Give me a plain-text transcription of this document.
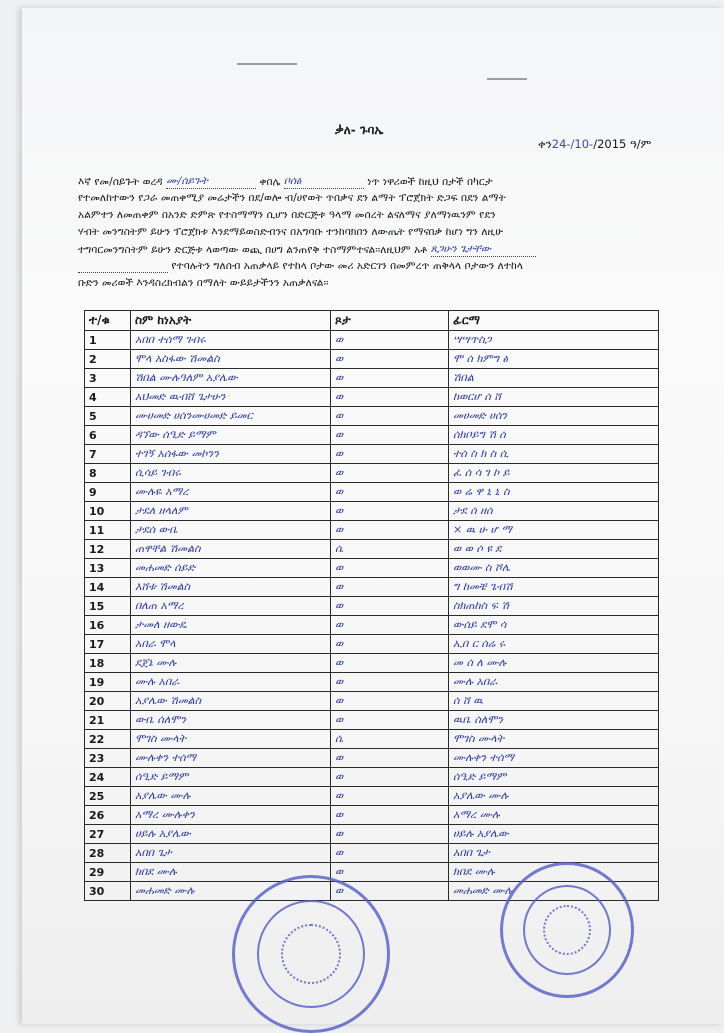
ቃለ- ጉባኤ
ቀን24-/10-/2015 ዓ/ም
እኛ የመ/ሰይጉት ወረዳ ሙ/ሰይጉት	ቀበሌ ቦሰፅ	ነጥ ነዋሪወች ከዚህ በታች በካርታ
የተመለከተውን የጋራ መጠቀሚያ መሬታችን በደ/ወሎ ብ/ሀየወት ጥበቃና ደን ልማት ፕሮጀክት ድጋፍ በደን ልማት
አልምተን ለመጠቀም በአንድ ድምጽ የተስማማን ሲሆን በድርጅቱ ዓላማ መሰረት ልናለማና ያለማነዉንም የደን
ሃብት መንግስትም ይሁን ፕሮጀክቱ እንደማይወስድብንና በአግባቡ ተንከባክበን ለውጤት የማናበቃ ከሆነ ግን ለዚሁ
ተግባርመንግስትም ይሁን ድርጅቱ ላወጣው ወጪ በሀግ ልንጠየቅ ተስማምተናል፡፡ለዚህም አቶ ጸጋሁን ጌታቸው
የተባሉትን ግለሰብ አጠቃላይ የተከላ ቦታው መሪ አድርገን በመምረጥ ጠቅላላ ቦታውን ለተከላ
ቡድን መሪወች እንዳስረክብልን በማለት ውይይታችንን አጠቃለናል፡፡
ተ/ቁ	ስም ከነአያት	ጾታ	ፊርማ
1	አበበ ተሰማ ገብሩ	ወ	ሣሣጥስጋ
2	ሞላ አስፋው ሽመልስ	ወ	ሞ ሰ ክምግ ፅ
3	ሽበል ሙሉዓለም አያሌው	ወ	ሽበል
4	አህመድ ዉብሸ ጌታሁን	ወ	ከወርሆ ሰ ሸ
5	ሙሀመድ ሀሰንሙሀመድ ይመር	ወ	መሀመድ ሀሰን
6	ዳኘው ሰዒድ ይማም	ወ	ሰክቦይግ ሽ ሰ
7	ተገኝ አሰፋው መኮንን	ወ	ተሰ ስ ክ ስ ሲ
8	ሲሳይ ገብሩ	ወ	ፈ ሰ ሳ ገ ኮ ይ
9	ሙሉዬ አማረ	ወ	ወ ሬ ዋ ኒ ኒ ስ
10	ታደለ ዘላለም	ወ	ታደ ሰ ዘሰ
11	ታደሰ ውቤ	ወ	× ዉ ሁ ሆ ማ
12	ጠዋቸል ሽመልስ	ሴ	ወ ወ ሶ ዩ ደ
13	መሐመድ ሰይድ	ወ	ወወሙ ስ ሾሌ
14	እሸቱ ሽመልስ	ወ	ግ ከመቼ ጌብሽ
15	በለጠ አማረ	ወ	ስክጠከስ ፍ ሽ
16	ታመለ ዘውዴ	ወ	ውሰይ ደሞ ሳ
17	አበራ ሞላ	ወ	ኢበ ር ሰሬ ሩ
18	ደጀኔ ሙሉ	ወ	መ ሰ ለ ሙሉ
19	ሙሉ አበራ	ወ	ሙሉ አበራ
20	አያሌው ሽመልስ	ወ	ሰ ሸ ዉ
21	ውቤ ሰለሞን	ወ	ዉቤ ሰለሞን
22	ሞገስ ሙላት	ሴ	ሞገስ ሙላት
23	ሙሉቀን ተሰማ	ወ	ሙሉቀን ተሰማ
24	ሰዒድ ይማም	ወ	ሰዒድ ይማም
25	አያሌው ሙሉ	ወ	አያሌው ሙሉ
26	አማረ ሙሉቀን	ወ	አማረ ሙሉ
27	ሀይሉ አያሌው	ወ	ሀይሉ አያሌው
28	አበበ ጌታ	ወ	አበበ ጌታ
29	ክበደ ሙሉ	ወ	ክበደ ሙሉ
30	መሐመድ ሙሉ	ወ	መሐመድ ሙሉ
